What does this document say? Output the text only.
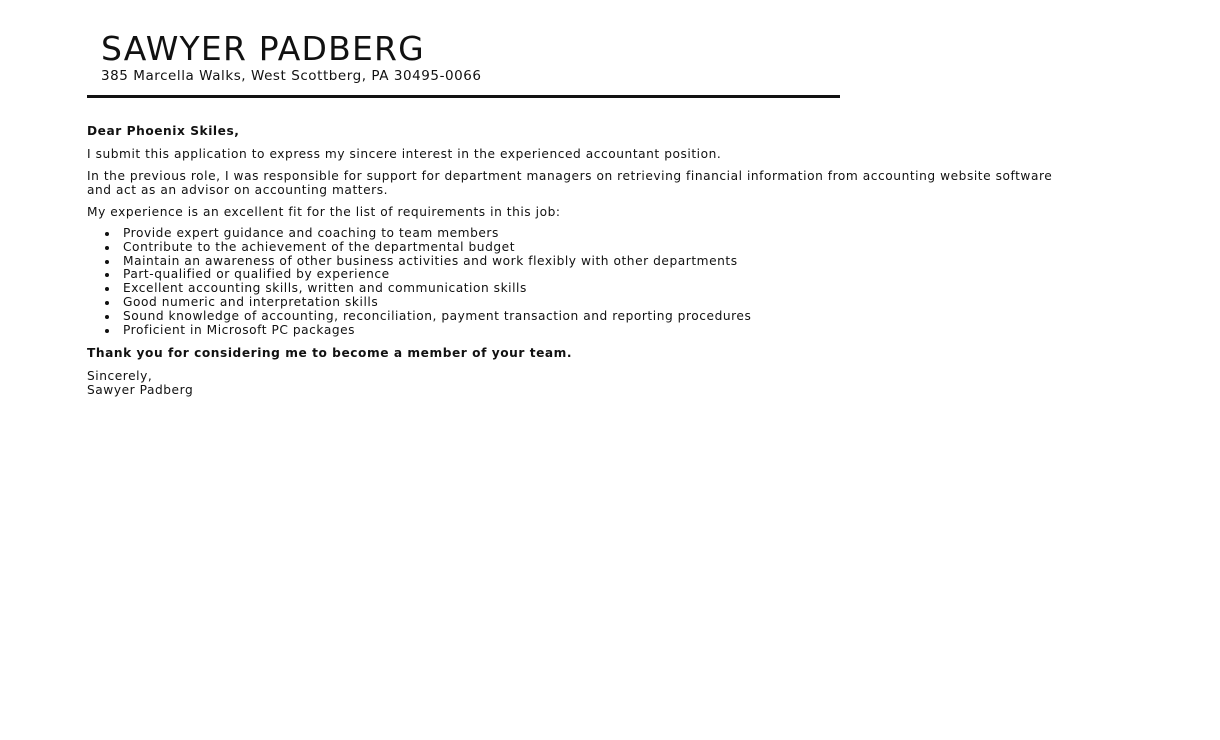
SAWYER PADBERG

385 Marcella Walks, West Scottberg, PA 30495-0066

Dear Phoenix Skiles,

I submit this application to express my sincere interest in the experienced accountant position.

In the previous role, I was responsible for support for department managers on retrieving financial information from accounting website software and act as an advisor on accounting matters.

My experience is an excellent fit for the list of requirements in this job:

Provide expert guidance and coaching to team members
Contribute to the achievement of the departmental budget
Maintain an awareness of other business activities and work flexibly with other departments
Part-qualified or qualified by experience
Excellent accounting skills, written and communication skills
Good numeric and interpretation skills
Sound knowledge of accounting, reconciliation, payment transaction and reporting procedures
Proficient in Microsoft PC packages

Thank you for considering me to become a member of your team.

Sincerely,

Sawyer Padberg
